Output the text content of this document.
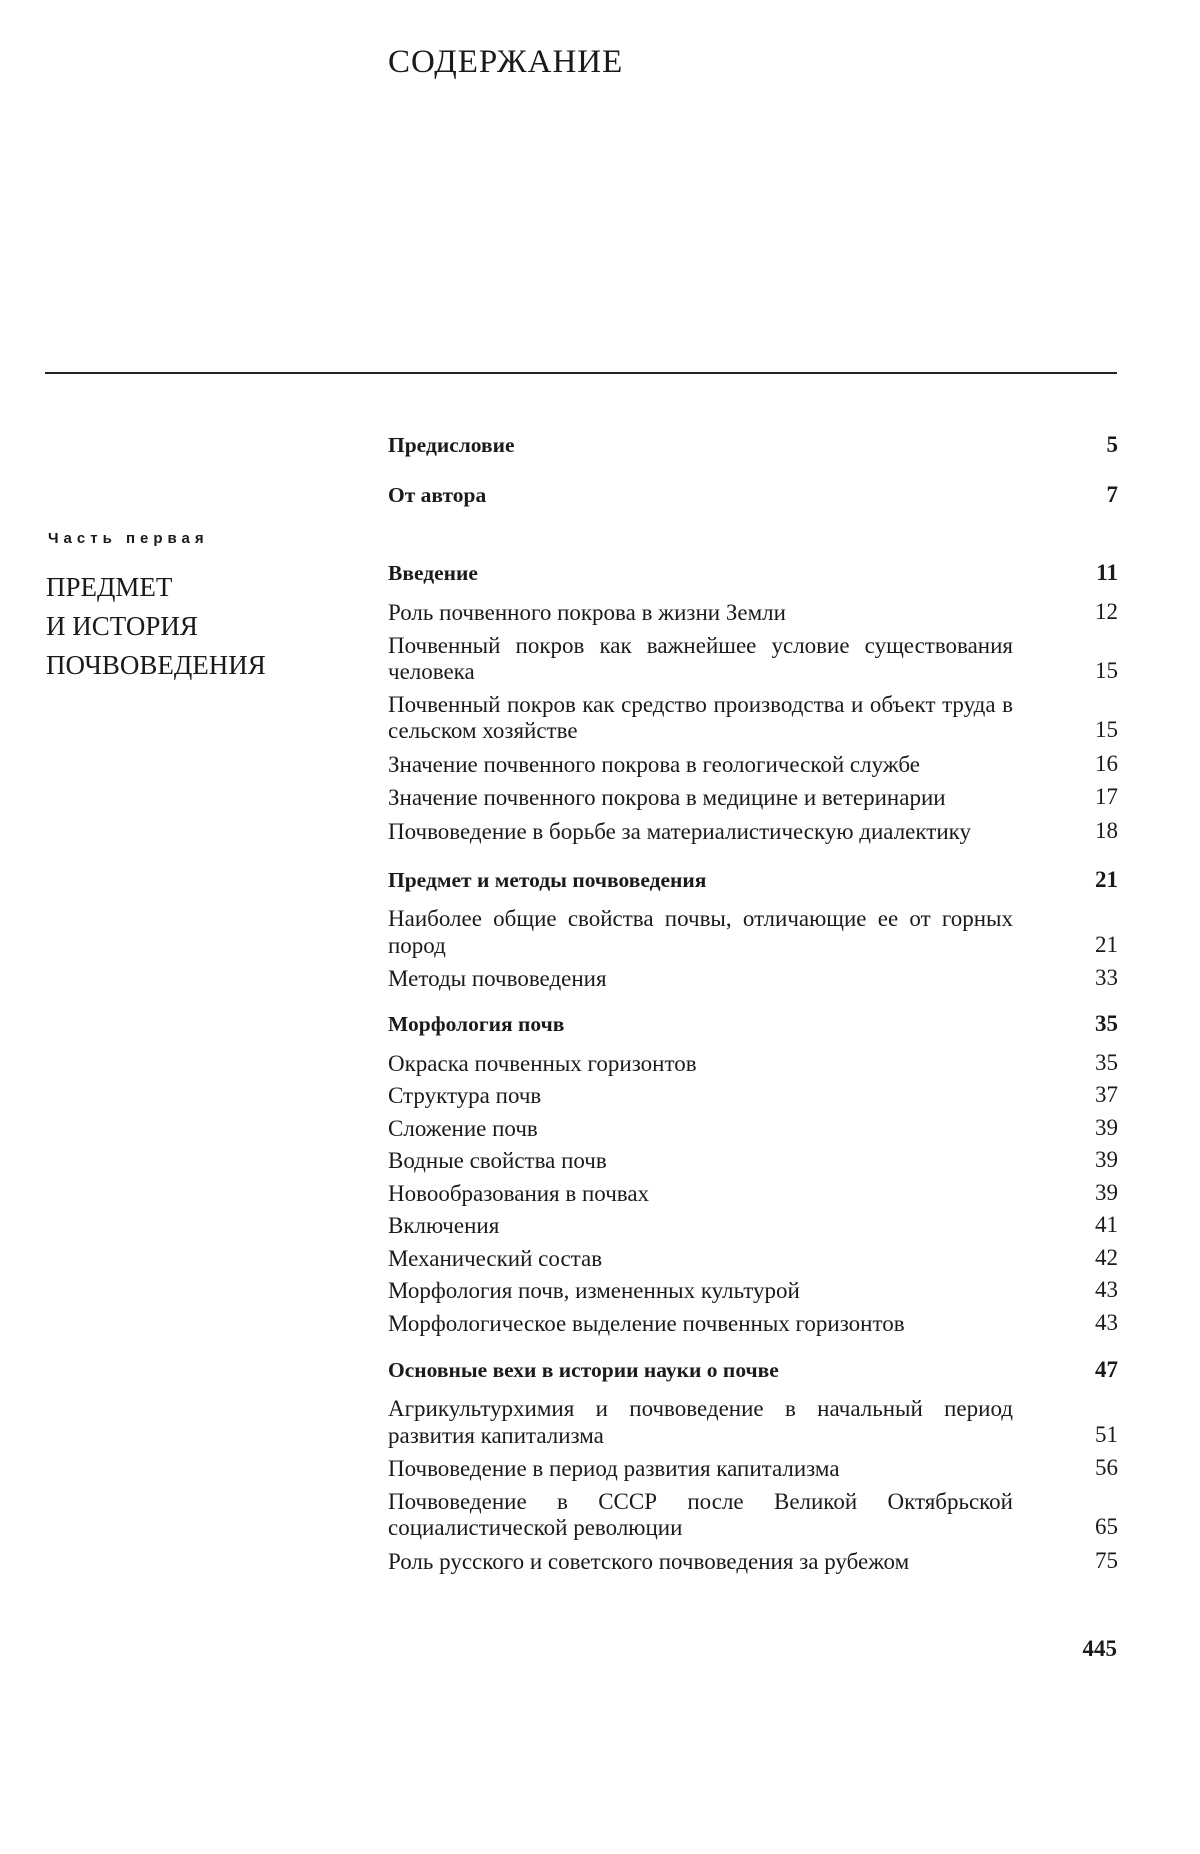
СОДЕРЖАНИЕ
Часть первая
ПРЕДМЕТ
И ИСТОРИЯ
ПОЧВОВЕДЕНИЯ
Предисловие	5
От автора	7
Введение	11
Роль почвенного покрова в жизни Земли	12
Почвенный покров как важнейшее условие существования человека	15
Почвенный покров как средство производства и объект труда в сельском хозяйстве	15
Значение почвенного покрова в геологической службе	16
Значение почвенного покрова в медицине и ветеринарии	17
Почвоведение в борьбе за материалистическую диалектику	18
Предмет и методы почвоведения	21
Наиболее общие свойства почвы, отличающие ее от горных пород	21
Методы почвоведения	33
Морфология почв	35
Окраска почвенных горизонтов	35
Структура почв	37
Сложение почв	39
Водные свойства почв	39
Новообразования в почвах	39
Включения	41
Механический состав	42
Морфология почв, измененных культурой	43
Морфологическое выделение почвенных горизонтов	43
Основные вехи в истории науки о почве	47
Агрикультурхимия и почвоведение в начальный период развития капитализма	51
Почвоведение в период развития капитализма	56
Почвоведение в СССР после Великой Октябрьской социалистической революции	65
Роль русского и советского почвоведения за рубежом	75
445
